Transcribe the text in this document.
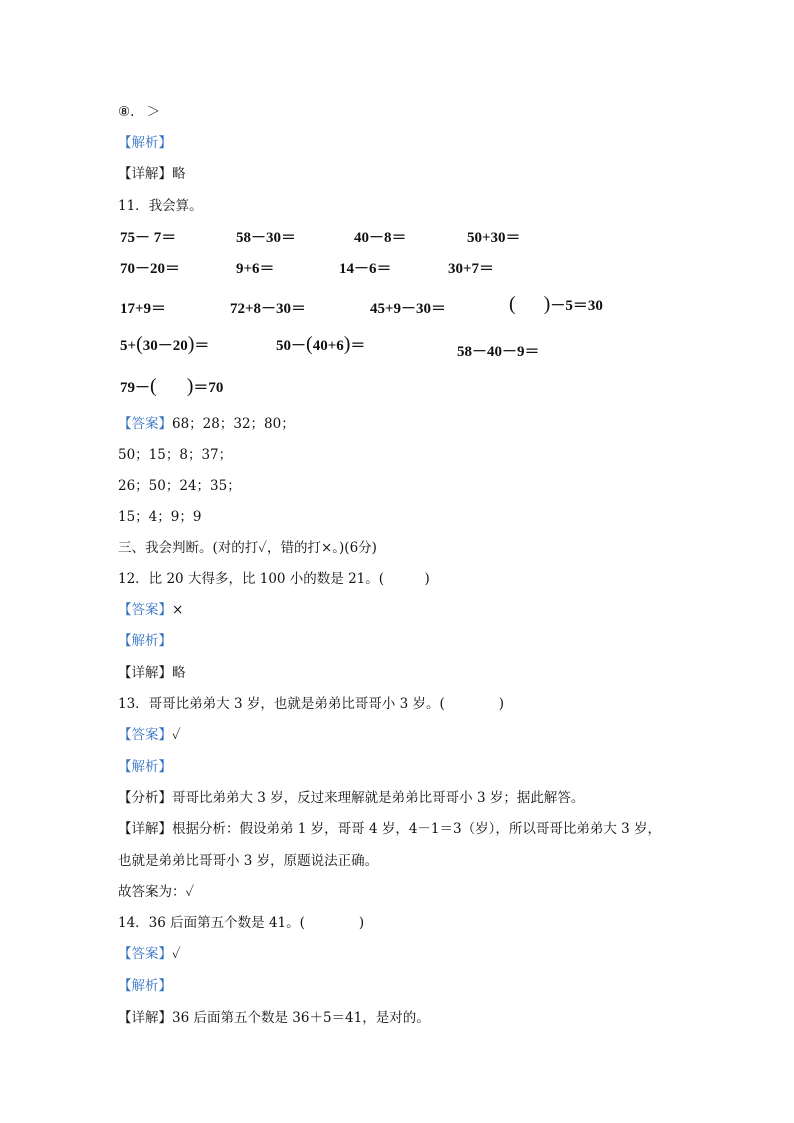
⑧. ＞
【解析】
【详解】略
11．我会算。
75－ 7＝	58－30＝	40－8＝	50+30＝
70－20＝	9+6＝	14－6＝	30+7＝
17+9＝	72+8－30＝	45+9－30＝	( )－5＝30
5+(30－20)＝	50－(40+6)＝	58－40－9＝
79－( )＝70
【答案】68；28；32；80；
50；15；8；37；
26；50；24；35；
15；4；9；9
三、我会判断。(对的打✓，错的打×。)(6分)
12．比 20 大得多，比 100 小的数是 21。(　　　)
【答案】×
【解析】
【详解】略
13．哥哥比弟弟大 3 岁，也就是弟弟比哥哥小 3 岁。(　　　　)
【答案】✓
【解析】
【分析】哥哥比弟弟大 3 岁，反过来理解就是弟弟比哥哥小 3 岁；据此解答。
【详解】根据分析：假设弟弟 1 岁，哥哥 4 岁，4－1＝3（岁），所以哥哥比弟弟大 3 岁，
也就是弟弟比哥哥小 3 岁，原题说法正确。
故答案为：✓
14．36 后面第五个数是 41。(　　　　)
【答案】✓
【解析】
【详解】36 后面第五个数是 36＋5＝41，是对的。
